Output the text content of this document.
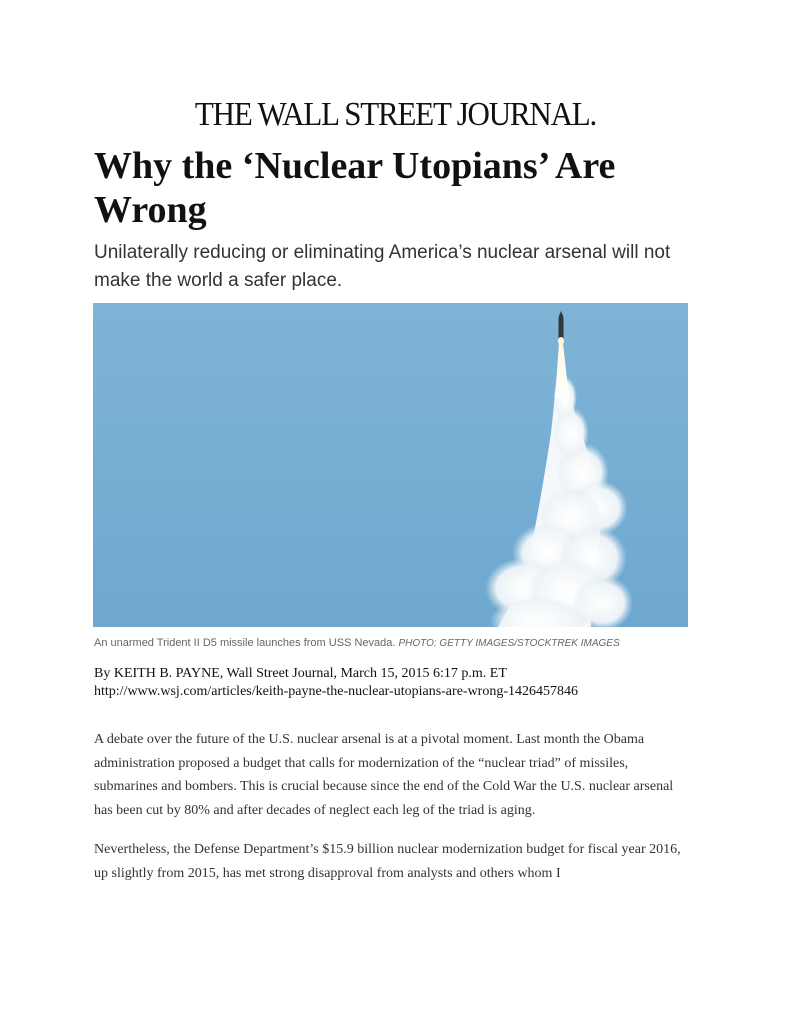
THE WALL STREET JOURNAL.
Why the ‘Nuclear Utopians’ Are Wrong

Unilaterally reducing or eliminating America’s nuclear arsenal will not make the world a safer place.

An unarmed Trident II D5 missile launches from USS Nevada. PHOTO: GETTY IMAGES/STOCKTREK IMAGES
By KEITH B. PAYNE, Wall Street Journal, March 15, 2015 6:17 p.m. ET
http://www.wsj.com/articles/keith-payne-the-nuclear-utopians-are-wrong-1426457846

A debate over the future of the U.S. nuclear arsenal is at a pivotal moment. Last month the Obama administration proposed a budget that calls for modernization of the “nuclear triad” of missiles, submarines and bombers. This is crucial because since the end of the Cold War the U.S. nuclear arsenal has been cut by 80% and after decades of neglect each leg of the triad is aging.

Nevertheless, the Defense Department’s $15.9 billion nuclear modernization budget for fiscal year 2016, up slightly from 2015, has met strong disapproval from analysts and others whom I
